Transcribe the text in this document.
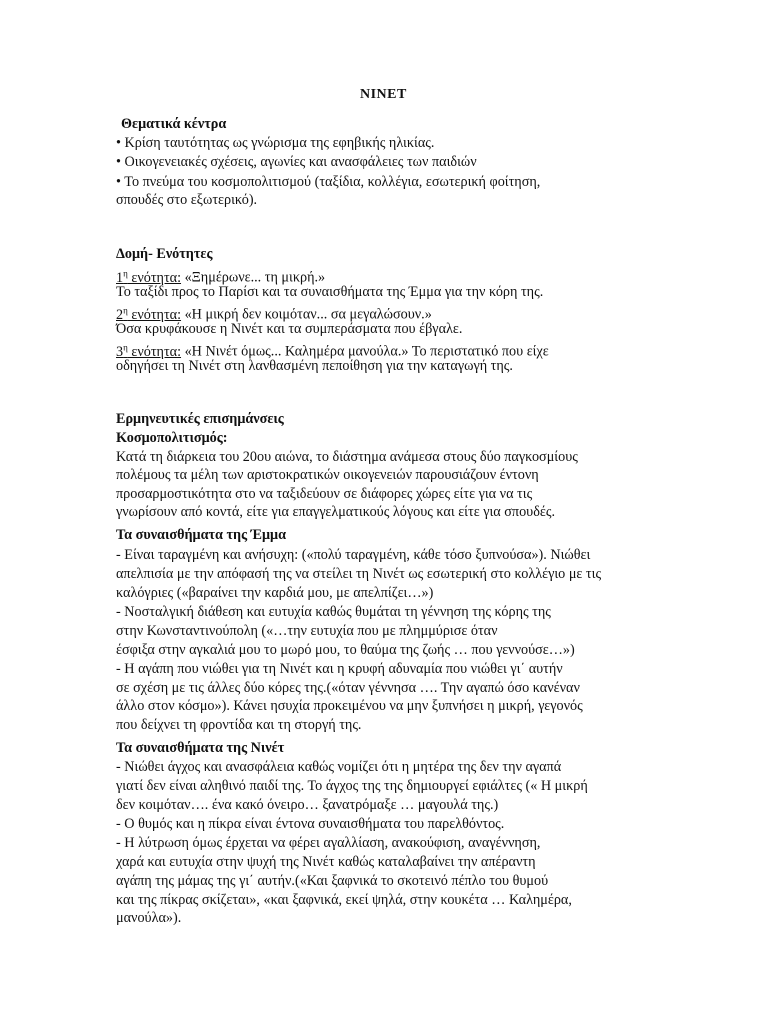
ΝΙΝΕΤ
Θεματικά κέντρα
• Κρίση ταυτότητας ως γνώρισμα της εφηβικής ηλικίας.
• Οικογενειακές σχέσεις, αγωνίες και ανασφάλειες των παιδιών
• Το πνεύμα του κοσμοπολιτισμού (ταξίδια, κολλέγια, εσωτερική φοίτηση,
σπουδές στο εξωτερικό).
Δομή- Ενότητες
$1^\eta$ ενότητα: «Ξημέρωνε... τη μικρή.»
Το ταξίδι προς το Παρίσι και τα συναισθήματα της Έμμα για την κόρη της.
$2^\eta$ ενότητα: «Η μικρή δεν κοιμόταν... σα μεγαλώσουν.»
Όσα κρυφάκουσε η Νινέτ και τα συμπεράσματα που έβγαλε.
$3^\eta$ ενότητα: «Η Νινέτ όμως... Καλημέρα μανούλα.» Το περιστατικό που είχε
οδηγήσει τη Νινέτ στη λανθασμένη πεποίθηση για την καταγωγή της.
Ερμηνευτικές επισημάνσεις
Κοσμοπολιτισμός:
Κατά τη διάρκεια του 20ου αιώνα, το διάστημα ανάμεσα στους δύο παγκοσμίους
πολέμους τα μέλη των αριστοκρατικών οικογενειών παρουσιάζουν έντονη
προσαρμοστικότητα στο να ταξιδεύουν σε διάφορες χώρες είτε για να τις
γνωρίσουν από κοντά, είτε για επαγγελματικούς λόγους και είτε για σπουδές.
Τα συναισθήματα της Έμμα
- Είναι ταραγμένη και ανήσυχη: («πολύ ταραγμένη, κάθε τόσο ξυπνούσα»). Νιώθει
απελπισία με την απόφασή της να στείλει τη Νινέτ ως εσωτερική στο κολλέγιο με τις
καλόγριες («βαραίνει την καρδιά μου, με απελπίζει…»)
- Νοσταλγική διάθεση και ευτυχία καθώς θυμάται τη γέννηση της κόρης της
στην Κωνσταντινούπολη («…την ευτυχία που με πλημμύρισε όταν
έσφιξα στην αγκαλιά μου το μωρό μου, το θαύμα της ζωής … που γεννούσε…»)
- Η αγάπη που νιώθει για τη Νινέτ και η κρυφή αδυναμία που νιώθει γι΄ αυτήν
σε σχέση με τις άλλες δύο κόρες της.(«όταν γέννησα …. Την αγαπώ όσο κανέναν
άλλο στον κόσμο»). Κάνει ησυχία προκειμένου να μην ξυπνήσει η μικρή, γεγονός
που δείχνει τη φροντίδα και τη στοργή της.
Τα συναισθήματα της Νινέτ
- Νιώθει άγχος και ανασφάλεια καθώς νομίζει ότι η μητέρα της δεν την αγαπά
γιατί δεν είναι αληθινό παιδί της. Το άγχος της της δημιουργεί εφιάλτες (« Η μικρή
δεν κοιμόταν…. ένα κακό όνειρο… ξανατρόμαξε … μαγουλά της.)
- Ο θυμός και η πίκρα είναι έντονα συναισθήματα του παρελθόντος.
- Η λύτρωση όμως έρχεται να φέρει αγαλλίαση, ανακούφιση, αναγέννηση,
χαρά και ευτυχία στην ψυχή της Νινέτ καθώς καταλαβαίνει την απέραντη
αγάπη της μάμας της γι΄ αυτήν.(«Και ξαφνικά το σκοτεινό πέπλο του θυμού
και της πίκρας σκίζεται», «και ξαφνικά, εκεί ψηλά, στην κουκέτα … Καλημέρα,
μανούλα»).
